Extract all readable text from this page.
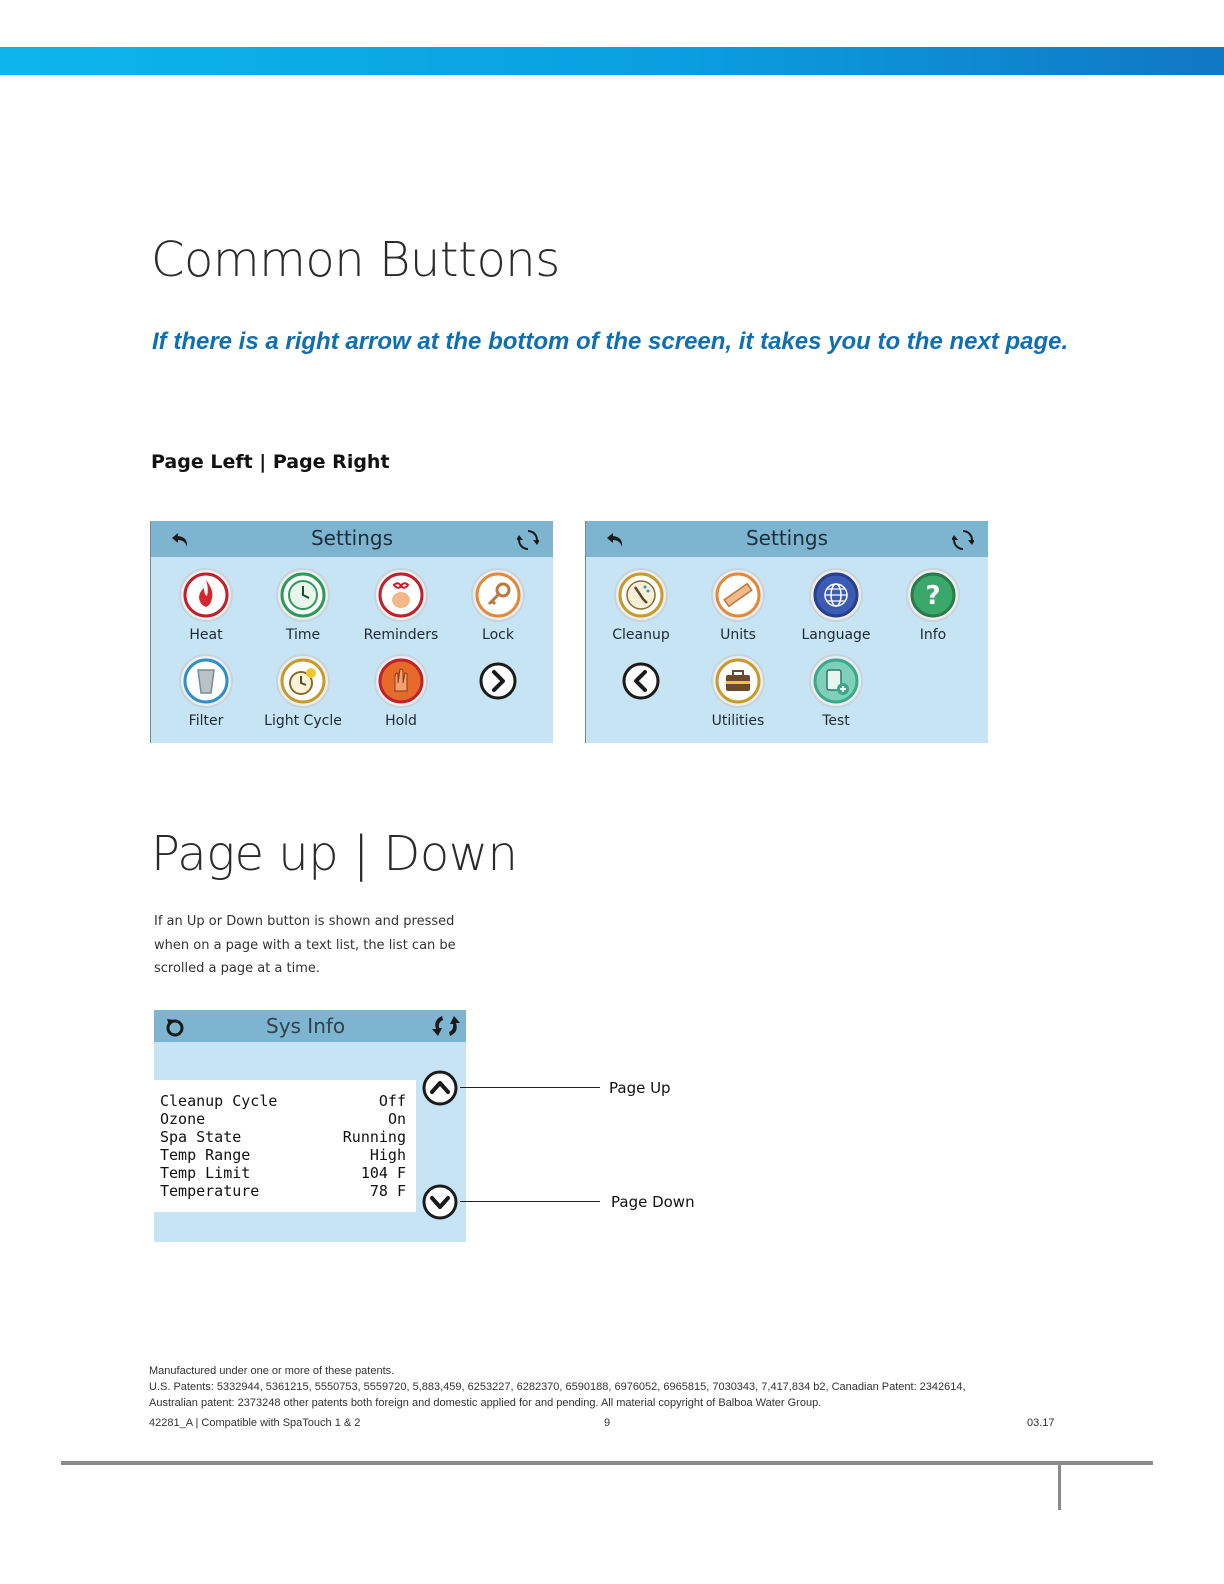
Common Buttons
If there is a right arrow at the bottom of the screen, it takes you to the next page.
Page Left | Page Right
Settings
Heat	Time	Reminders	Lock
Filter	Light Cycle	Hold
Settings
Cleanup	Units	Language
?
Info
Utilities	Test
Page up | Down
If an Up or Down button is shown and pressed when on a page with a text list, the list can be scrolled a page at a time.
Sys Info
Cleanup Cycle	Off
Ozone	On
Spa State	Running
Temp Range	High
Temp Limit	104 F
Temperature	78 F
Page Up
Page Down
Manufactured under one or more of these patents.
U.S. Patents: 5332944, 5361215, 5550753, 5559720, 5,883,459, 6253227, 6282370, 6590188, 6976052, 6965815, 7030343, 7,417,834 b2, Canadian Patent: 2342614,
Australian patent: 2373248 other patents both foreign and domestic applied for and pending. All material copyright of Balboa Water Group.
42281_A | Compatible with SpaTouch 1 & 2	9	03.17
